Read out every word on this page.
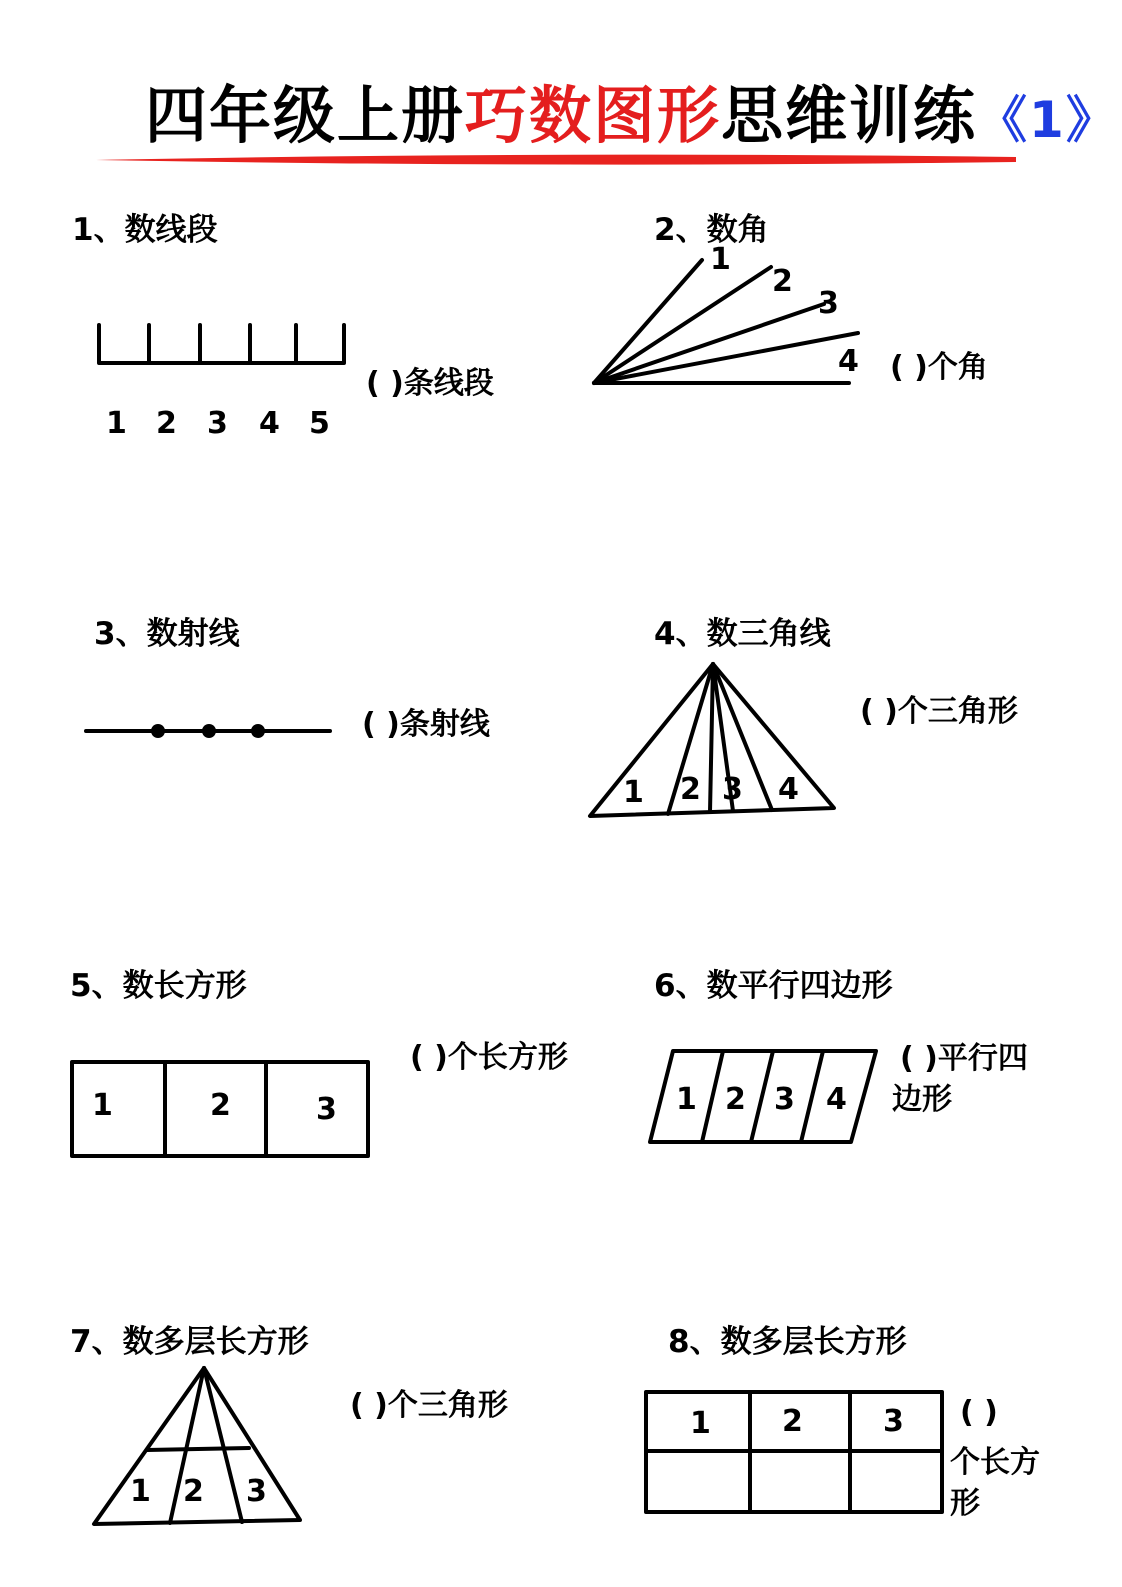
四年级上册巧数图形思维训练《1》
1、数线段
1 2 3 4 5
( )条线段
2、数角
1
2
3
4 ( )个角
3、数射线
( )条射线
4、数三角线
1 2 3 4
( )个三角形
5、数长方形
1	2	3
( )个长方形
6、数平行四边形
1 2 3 4
( )平行四
边形
7、数多层长方形
1 2 3
( )个三角形
8、数多层长方形
1 2	3 ( )
个长方
形
